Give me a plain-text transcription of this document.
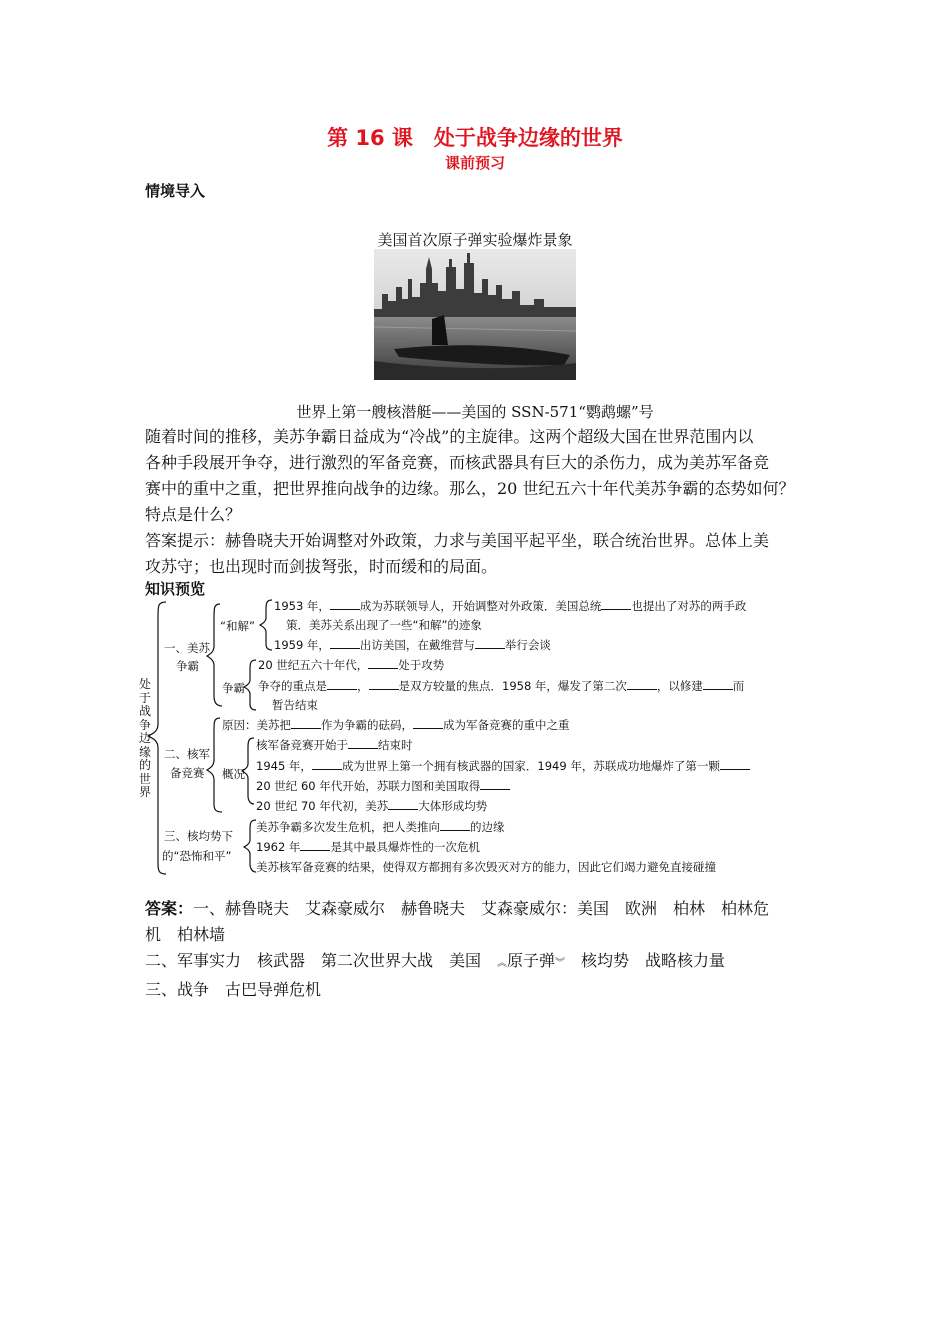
第 16 课　处于战争边缘的世界
课前预习
情境导入
美国首次原子弹实验爆炸景象
世界上第一艘核潜艇——美国的 SSN-571“鹦鹉螺”号
随着时间的推移，美苏争霸日益成为“冷战”的主旋律。这两个超级大国在世界范围内以
各种手段展开争夺，进行激烈的军备竞赛，而核武器具有巨大的杀伤力，成为美苏军备竞
赛中的重中之重，把世界推向战争的边缘。那么，20 世纪五六十年代美苏争霸的态势如何？
特点是什么？
答案提示：赫鲁晓夫开始调整对外政策，力求与美国平起平坐，联合统治世界。总体上美
攻苏守；也出现时而剑拔弩张，时而缓和的局面。
知识预览
处于战争边缘的世界
一、美苏
争霸
“和解”
争霸
1953 年，	成为苏联领导人，开始调整对外政策．美国总统	也提出了对苏的两手政
策．美苏关系出现了一些“和解”的迹象
1959 年，	出访美国，在戴维营与	举行会谈
20 世纪五六十年代，	处于攻势
争夺的重点是	，	是双方较量的焦点．1958 年，爆发了第二次	，以修建	而
暂告结束
二、核军
备竞赛
原因：美苏把	作为争霸的砝码，	成为军备竞赛的重中之重
概况
核军备竞赛开始于	结束时
1945 年，	成为世界上第一个拥有核武器的国家．1949 年，苏联成功地爆炸了第一颗
20 世纪 60 年代开始，苏联力图和美国取得
20 世纪 70 年代初，美苏	大体形成均势
三、核均势下
的“恐怖和平”
美苏争霸多次发生危机，把人类推向	的边缘
1962 年	是其中最具爆炸性的一次危机
美苏核军备竞赛的结果，使得双方都拥有多次毁灭对方的能力，因此它们竭力避免直接碰撞
答案：一、赫鲁晓夫　艾森豪威尔　赫鲁晓夫　艾森豪威尔：美国　欧洲　柏林　柏林危
机　柏林墙
二、军事实力　核武器　第二次世界大战　美国　︽原子弹︾　核均势　战略核力量
三、战争　古巴导弹危机
